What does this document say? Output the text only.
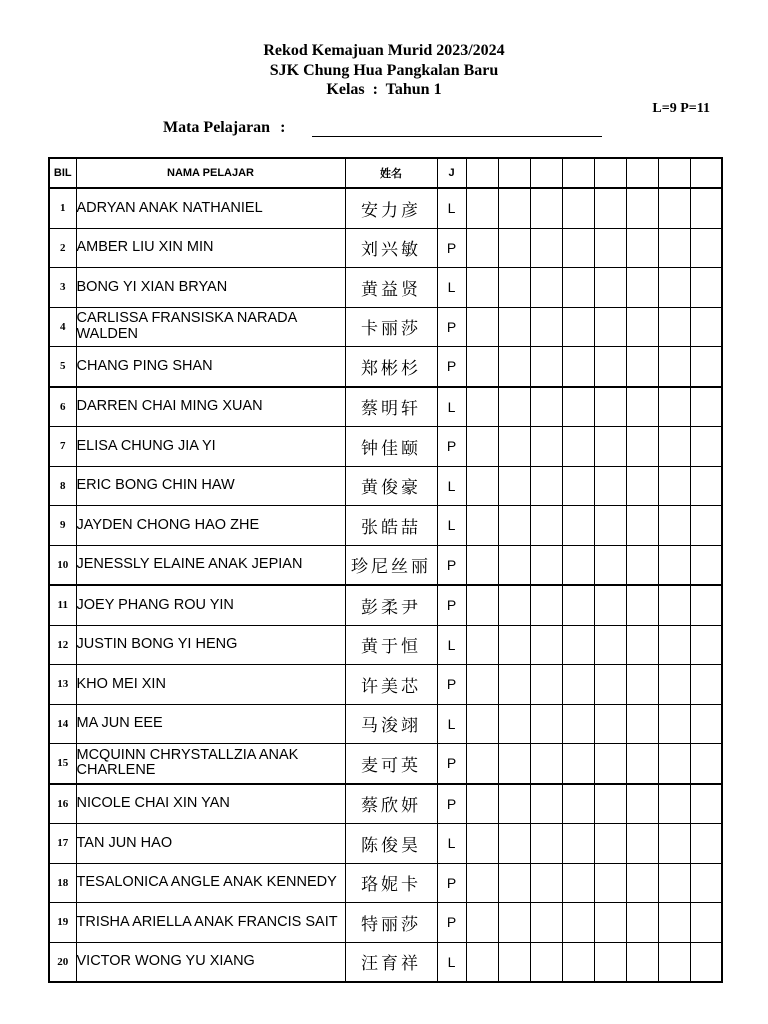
Rekod Kemajuan Murid 2023/2024
SJK Chung Hua Pangkalan Baru
Kelas  :  Tahun 1
L=9 P=11
Mata Pelajaran :
BIL	NAMA PELAJAR	姓名	J								
1	ADRYAN ANAK NATHANIEL	安力彦	L								
2	AMBER LIU XIN MIN	刘兴敏	P								
3	BONG YI XIAN BRYAN	黄益贤	L								
4	CARLISSA FRANSISKA NARADA WALDEN	卡丽莎	P								
5	CHANG PING SHAN	郑彬杉	P								
6	DARREN CHAI MING XUAN	蔡明轩	L								
7	ELISA CHUNG JIA YI	钟佳颐	P								
8	ERIC BONG CHIN HAW	黄俊豪	L								
9	JAYDEN CHONG HAO ZHE	张皓喆	L								
10	JENESSLY ELAINE ANAK JEPIAN	珍尼丝丽	P								
11	JOEY PHANG ROU YIN	彭柔尹	P								
12	JUSTIN BONG YI HENG	黄于恒	L								
13	KHO MEI XIN	许美芯	P								
14	MA JUN EEE	马浚翊	L								
15	MCQUINN CHRYSTALLZIA ANAK CHARLENE	麦可英	P								
16	NICOLE CHAI XIN YAN	蔡欣妍	P								
17	TAN JUN HAO	陈俊昊	L								
18	TESALONICA ANGLE ANAK KENNEDY	珞妮卡	P								
19	TRISHA ARIELLA ANAK FRANCIS SAIT	特丽莎	P								
20	VICTOR WONG YU XIANG	汪育祥	L								
